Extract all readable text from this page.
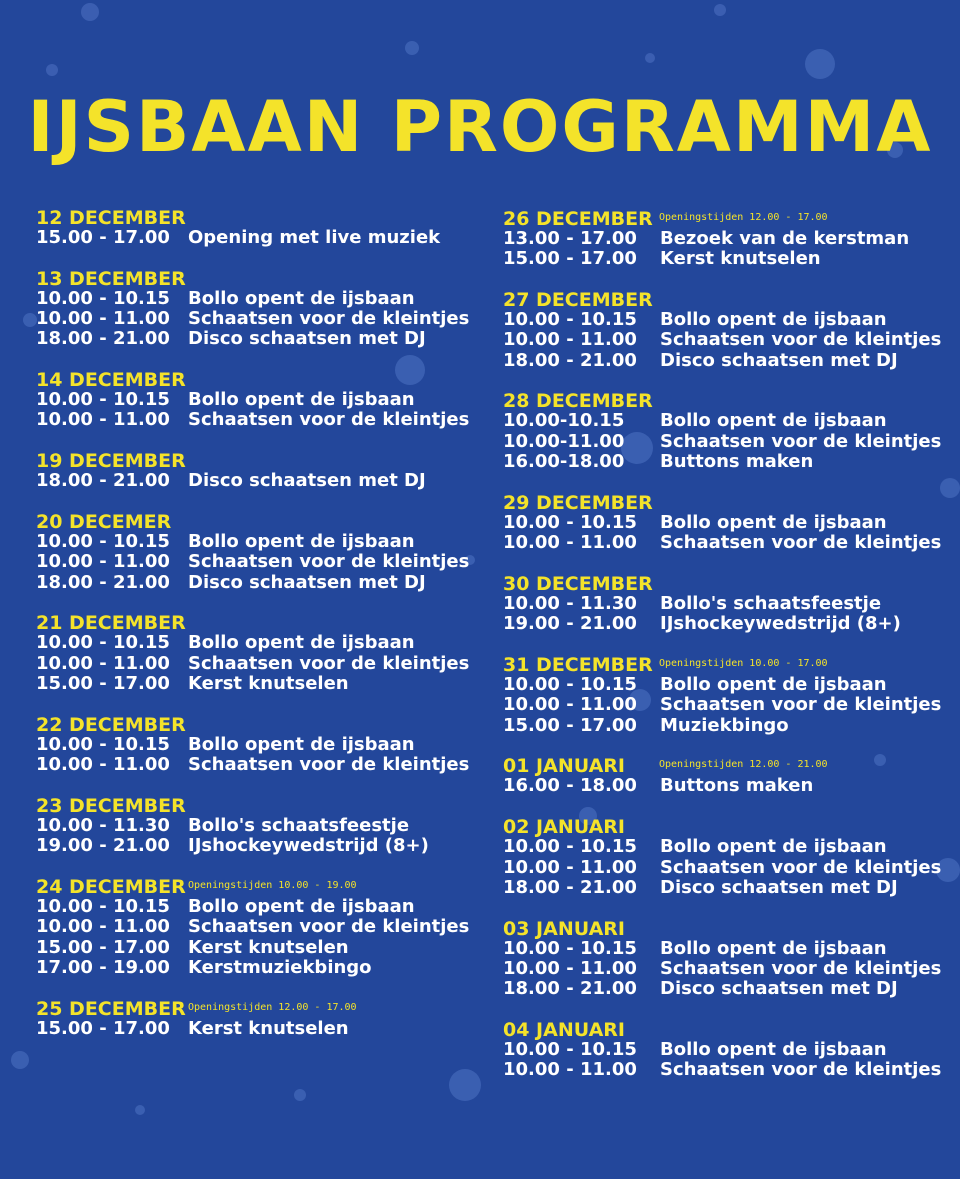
IJSBAAN PROGRAMMA
12 DECEMBER
15.00 - 17.00 Opening met live muziek
13 DECEMBER
10.00 - 10.15 Bollo opent de ijsbaan
10.00 - 11.00 Schaatsen voor de kleintjes
18.00 - 21.00 Disco schaatsen met DJ
14 DECEMBER
10.00 - 10.15 Bollo opent de ijsbaan
10.00 - 11.00 Schaatsen voor de kleintjes
19 DECEMBER
18.00 - 21.00 Disco schaatsen met DJ
20 DECEMER
10.00 - 10.15 Bollo opent de ijsbaan
10.00 - 11.00 Schaatsen voor de kleintjes
18.00 - 21.00 Disco schaatsen met DJ
21 DECEMBER
10.00 - 10.15 Bollo opent de ijsbaan
10.00 - 11.00 Schaatsen voor de kleintjes
15.00 - 17.00 Kerst knutselen
22 DECEMBER
10.00 - 10.15 Bollo opent de ijsbaan
10.00 - 11.00 Schaatsen voor de kleintjes
23 DECEMBER
10.00 - 11.30 Bollo's schaatsfeestje
19.00 - 21.00 IJshockeywedstrijd (8+)
24 DECEMBER Openingstijden 10.00 - 19.00
10.00 - 10.15 Bollo opent de ijsbaan
10.00 - 11.00 Schaatsen voor de kleintjes
15.00 - 17.00 Kerst knutselen
17.00 - 19.00 Kerstmuziekbingo
25 DECEMBER Openingstijden 12.00 - 17.00
15.00 - 17.00 Kerst knutselen
26 DECEMBER Openingstijden 12.00 - 17.00
13.00 - 17.00 Bezoek van de kerstman
15.00 - 17.00 Kerst knutselen
27 DECEMBER
10.00 - 10.15 Bollo opent de ijsbaan
10.00 - 11.00 Schaatsen voor de kleintjes
18.00 - 21.00 Disco schaatsen met DJ
28 DECEMBER
10.00-10.15 Bollo opent de ijsbaan
10.00-11.00 Schaatsen voor de kleintjes
16.00-18.00 Buttons maken
29 DECEMBER
10.00 - 10.15 Bollo opent de ijsbaan
10.00 - 11.00 Schaatsen voor de kleintjes
30 DECEMBER
10.00 - 11.30 Bollo's schaatsfeestje
19.00 - 21.00 IJshockeywedstrijd (8+)
31 DECEMBER Openingstijden 10.00 - 17.00
10.00 - 10.15 Bollo opent de ijsbaan
10.00 - 11.00 Schaatsen voor de kleintjes
15.00 - 17.00 Muziekbingo
01 JANUARI	Openingstijden 12.00 - 21.00
16.00 - 18.00 Buttons maken
02 JANUARI
10.00 - 10.15 Bollo opent de ijsbaan
10.00 - 11.00 Schaatsen voor de kleintjes
18.00 - 21.00 Disco schaatsen met DJ
03 JANUARI
10.00 - 10.15 Bollo opent de ijsbaan
10.00 - 11.00 Schaatsen voor de kleintjes
18.00 - 21.00 Disco schaatsen met DJ
04 JANUARI
10.00 - 10.15 Bollo opent de ijsbaan
10.00 - 11.00 Schaatsen voor de kleintjes
